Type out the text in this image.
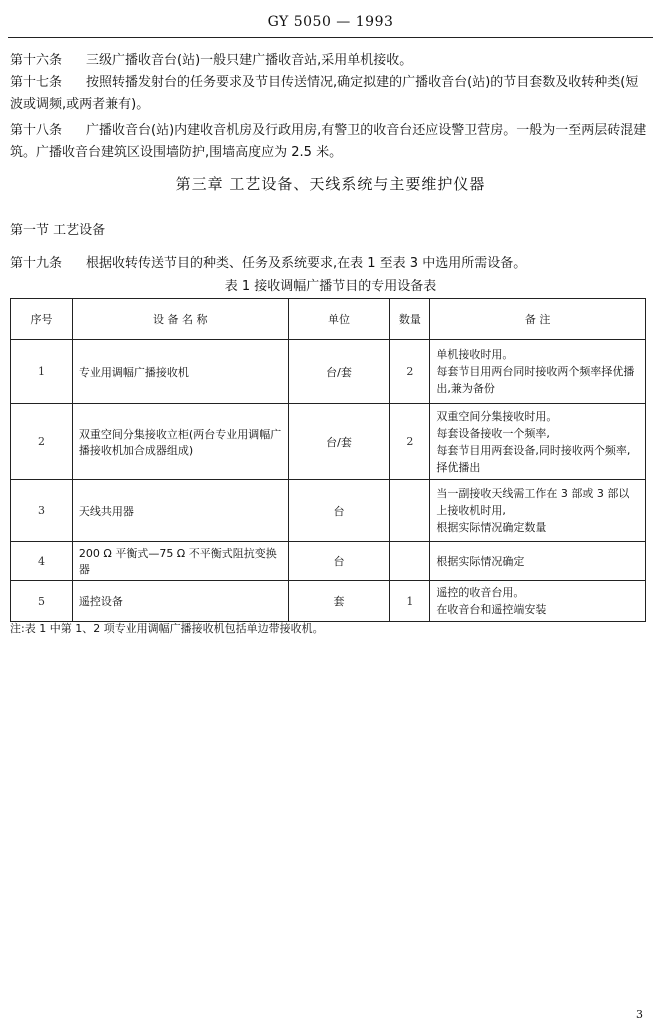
GY 5050 — 1993
第十六条 三级广播收音台(站)一般只建广播收音站,采用单机接收。
第十七条 按照转播发射台的任务要求及节目传送情况,确定拟建的广播收音台(站)的节目套数及收转种类(短波或调频,或两者兼有)。
第十八条 广播收音台(站)内建收音机房及行政用房,有警卫的收音台还应设警卫营房。一般为一至两层砖混建筑。广播收音台建筑区设围墙防护,围墙高度应为 2.5 米。
第三章 工艺设备、天线系统与主要维护仪器
第一节 工艺设备
第十九条 根据收转传送节目的种类、任务及系统要求,在表 1 至表 3 中选用所需设备。
表 1 接收调幅广播节目的专用设备表
序号	设 备 名 称	单位	数量	备 注
1	专业用调幅广播接收机	台/套	2	单机接收时用。
每套节目用两台同时接收两个频率择优播出,兼为备份
2	双重空间分集接收立柜(两台专业用调幅广播接收机加合成器组成)	台/套	2	双重空间分集接收时用。
每套设备接收一个频率,
每套节目用两套设备,同时接收两个频率,择优播出
3	天线共用器	台		当一副接收天线需工作在 3 部或 3 部以上接收机时用,
根据实际情况确定数量
4	200 Ω 平衡式—75 Ω 不平衡式阻抗变换器	台		根据实际情况确定
5	遥控设备	套	1	遥控的收音台用。
在收音台和遥控端安装
注:表 1 中第 1、2 项专业用调幅广播接收机包括单边带接收机。
3
